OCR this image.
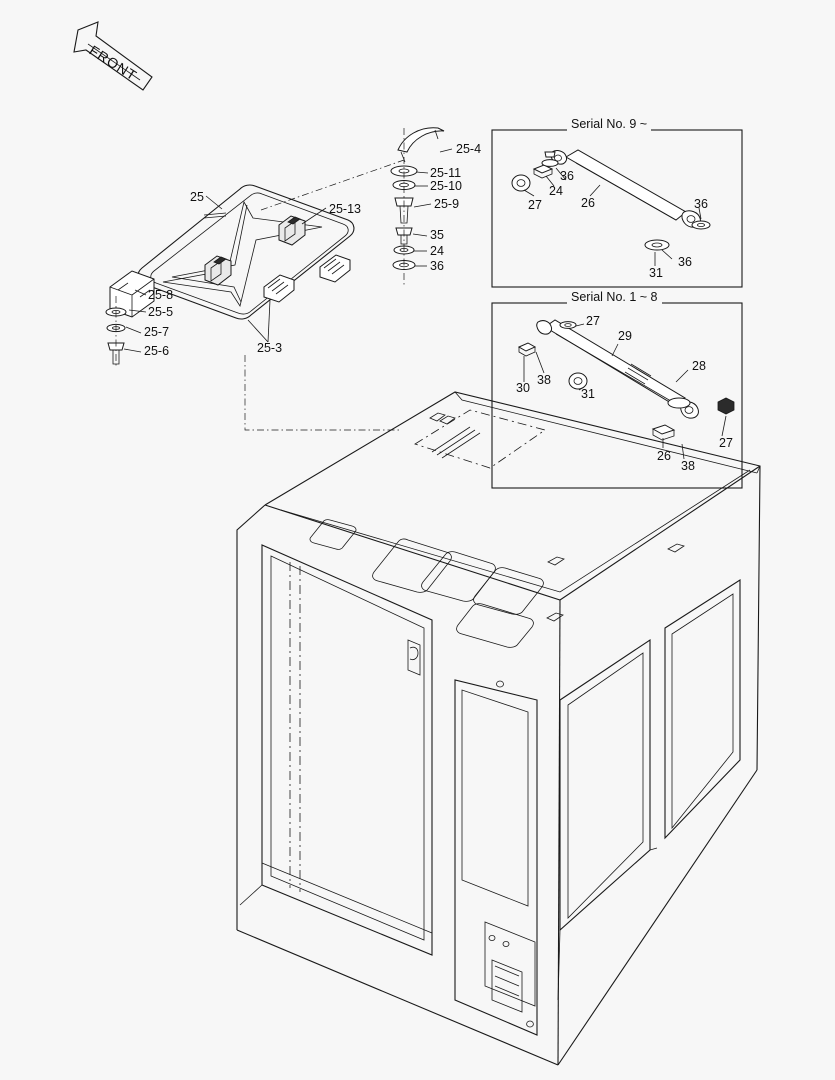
FRONT
Serial No. 9 ~
Serial No. 1 ~ 8
25
25-13
25-4
25-11
25-10
25-9
35
24
36
25-8
25-5
25-7
25-6	25-3
36
24
27	26	36
36
31
27
29
28
30
38
31
27
26
38
